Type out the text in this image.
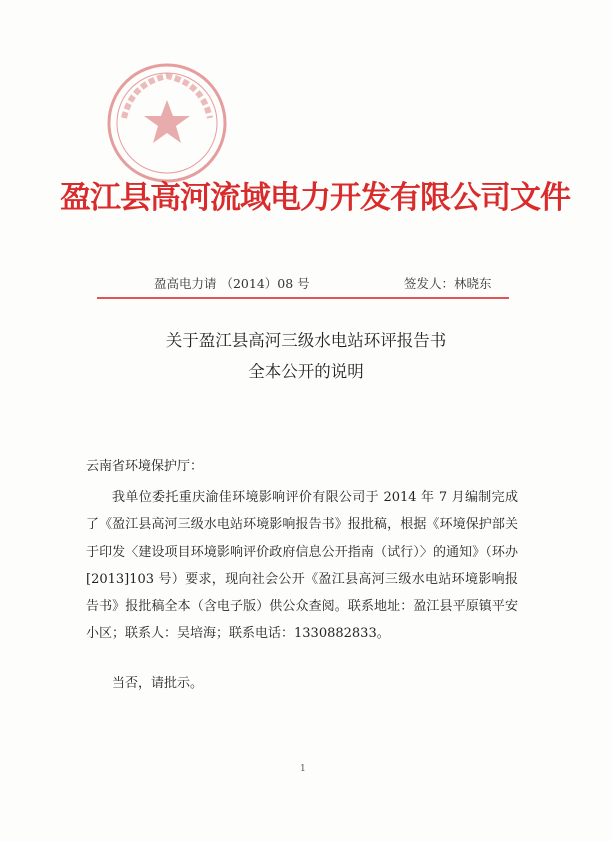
盈江县高河流域电力开发有限公司文件
盈高电力请 （2014）08 号	签发人：林晓东
关于盈江县高河三级水电站环评报告书
全本公开的说明
云南省环境保护厅：

我单位委托重庆渝佳环境影响评价有限公司于 2014 年 7 月编制完成了《盈江县高河三级水电站环境影响报告书》报批稿，根据《环境保护部关于印发〈建设项目环境影响评价政府信息公开指南（试行）〉的通知》（环办[2013]103 号）要求，现向社会公开《盈江县高河三级水电站环境影响报告书》报批稿全本（含电子版）供公众查阅。联系地址：盈江县平原镇平安小区；联系人：吴培海；联系电话：1330882833。

当否，请批示。
1
